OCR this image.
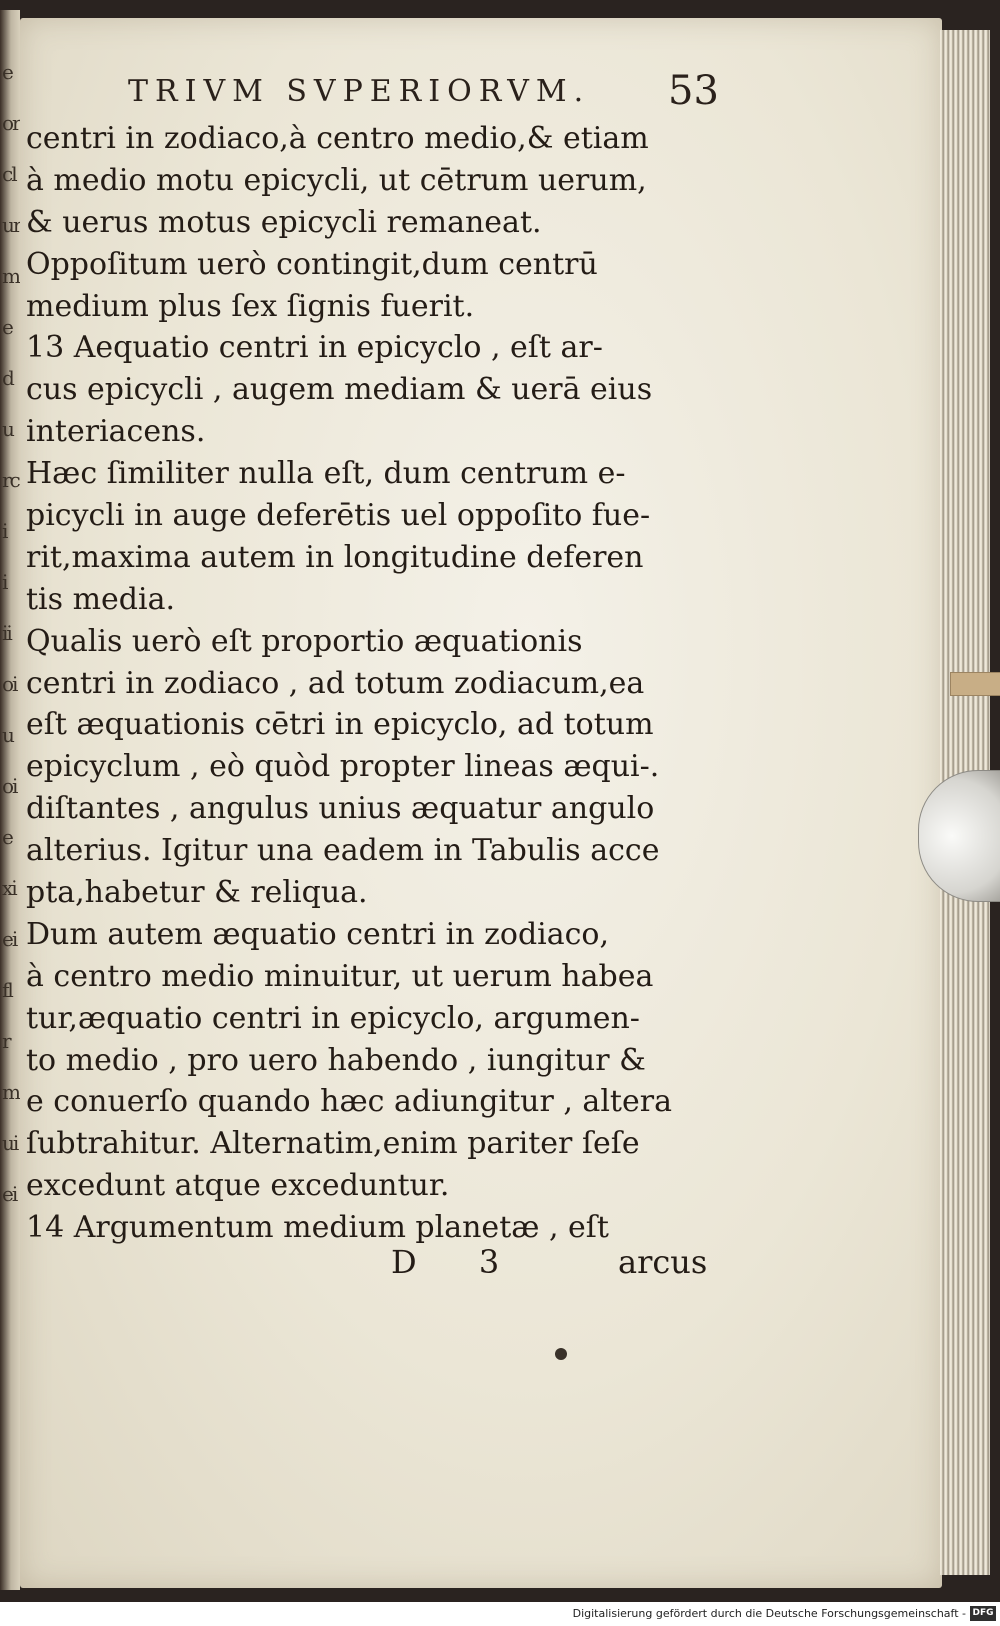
e
or
cl
ur
m
e
d
u
rc
i
i
ii
oi
u
oi
e
xi
ei
fl
r
m
ui
ei
TRIVM SVPERIORVM. 53
centri in zodiaco,à centro medio,& etiam
à medio motu epicycli, ut cētrum uerum,
& uerus motus epicycli remaneat.
Oppoſitum uerò contingit,dum centrū
medium plus ſex ſignis fuerit.
13 Aequatio centri in epicyclo , eſt ar-
cus epicycli , augem mediam & uerā eius
interiacens.
Hæc ſimiliter nulla eſt, dum centrum e-
picycli in auge deferētis uel oppoſito fue-
rit,maxima autem in longitudine deferen
tis media.
Qualis uerò eſt proportio æquationis
centri in zodiaco , ad totum zodiacum,ea
eſt æquationis cētri in epicyclo, ad totum
epicyclum , eò quòd propter lineas æqui-.
diſtantes , angulus unius æquatur angulo
alterius. Igitur una eadem in Tabulis acce
pta,habetur & reliqua.
Dum autem æquatio centri in zodiaco,
à centro medio minuitur, ut uerum habea
tur,æquatio centri in epicyclo, argumen-
to medio , pro uero habendo , iungitur &
e conuerſo quando hæc adiungitur , altera
ſubtrahitur. Alternatim,enim pariter ſeſe
excedunt atque exceduntur.
14 Argumentum medium planetæ , eſt
D 3	arcus
Digitalisierung gefördert durch die Deutsche Forschungsgemeinschaft - DFG
